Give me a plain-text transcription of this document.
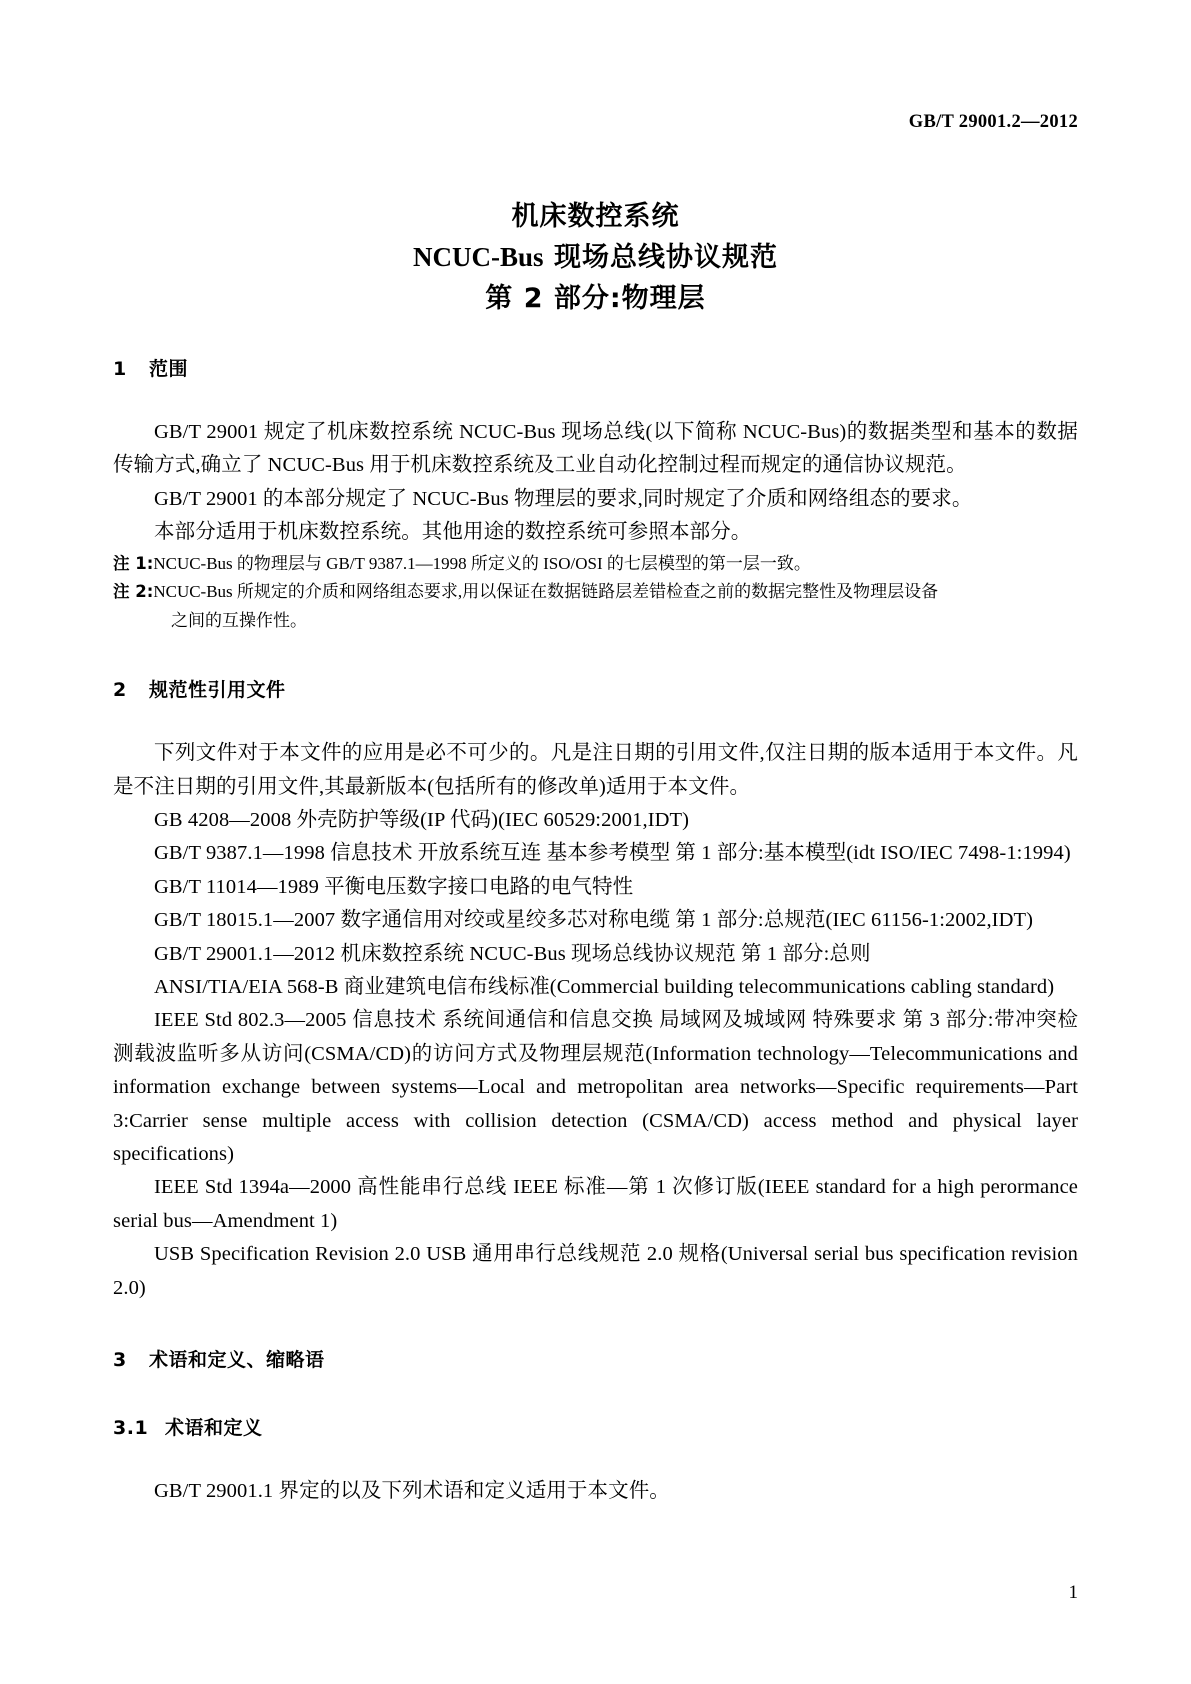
GB/T 29001.2—2012
机床数控系统
NCUC-Bus 现场总线协议规范
第 2 部分:物理层
1 范围

GB/T 29001 规定了机床数控系统 NCUC-Bus 现场总线(以下简称 NCUC-Bus)的数据类型和基本的数据传输方式,确立了 NCUC-Bus 用于机床数控系统及工业自动化控制过程而规定的通信协议规范。

GB/T 29001 的本部分规定了 NCUC-Bus 物理层的要求,同时规定了介质和网络组态的要求。

本部分适用于机床数控系统。其他用途的数控系统可参照本部分。

注 1:NCUC-Bus 的物理层与 GB/T 9387.1—1998 所定义的 ISO/OSI 的七层模型的第一层一致。

注 2:NCUC-Bus 所规定的介质和网络组态要求,用以保证在数据链路层差错检查之前的数据完整性及物理层设备
之间的互操作性。

2 规范性引用文件

下列文件对于本文件的应用是必不可少的。凡是注日期的引用文件,仅注日期的版本适用于本文件。凡是不注日期的引用文件,其最新版本(包括所有的修改单)适用于本文件。

GB 4208—2008 外壳防护等级(IP 代码)(IEC 60529:2001,IDT)

GB/T 9387.1—1998 信息技术 开放系统互连 基本参考模型 第 1 部分:基本模型(idt ISO/IEC 7498-1:1994)

GB/T 11014—1989 平衡电压数字接口电路的电气特性

GB/T 18015.1—2007 数字通信用对绞或星绞多芯对称电缆 第 1 部分:总规范(IEC 61156-1:2002,IDT)

GB/T 29001.1—2012 机床数控系统 NCUC-Bus 现场总线协议规范 第 1 部分:总则

ANSI/TIA/EIA 568-B 商业建筑电信布线标准(Commercial building telecommunications cabling standard)

IEEE Std 802.3—2005 信息技术 系统间通信和信息交换 局域网及城域网 特殊要求 第 3 部分:带冲突检测载波监听多从访问(CSMA/CD)的访问方式及物理层规范(Information technology—Telecommunications and information exchange between systems—Local and metropolitan area networks—Specific requirements—Part 3:Carrier sense multiple access with collision detection (CSMA/CD) access method and physical layer specifications)

IEEE Std 1394a—2000 高性能串行总线 IEEE 标准—第 1 次修订版(IEEE standard for a high perormance serial bus—Amendment 1)

USB Specification Revision 2.0 USB 通用串行总线规范 2.0 规格(Universal serial bus specification revision 2.0)

3 术语和定义、缩略语
3.1 术语和定义

GB/T 29001.1 界定的以及下列术语和定义适用于本文件。

1
